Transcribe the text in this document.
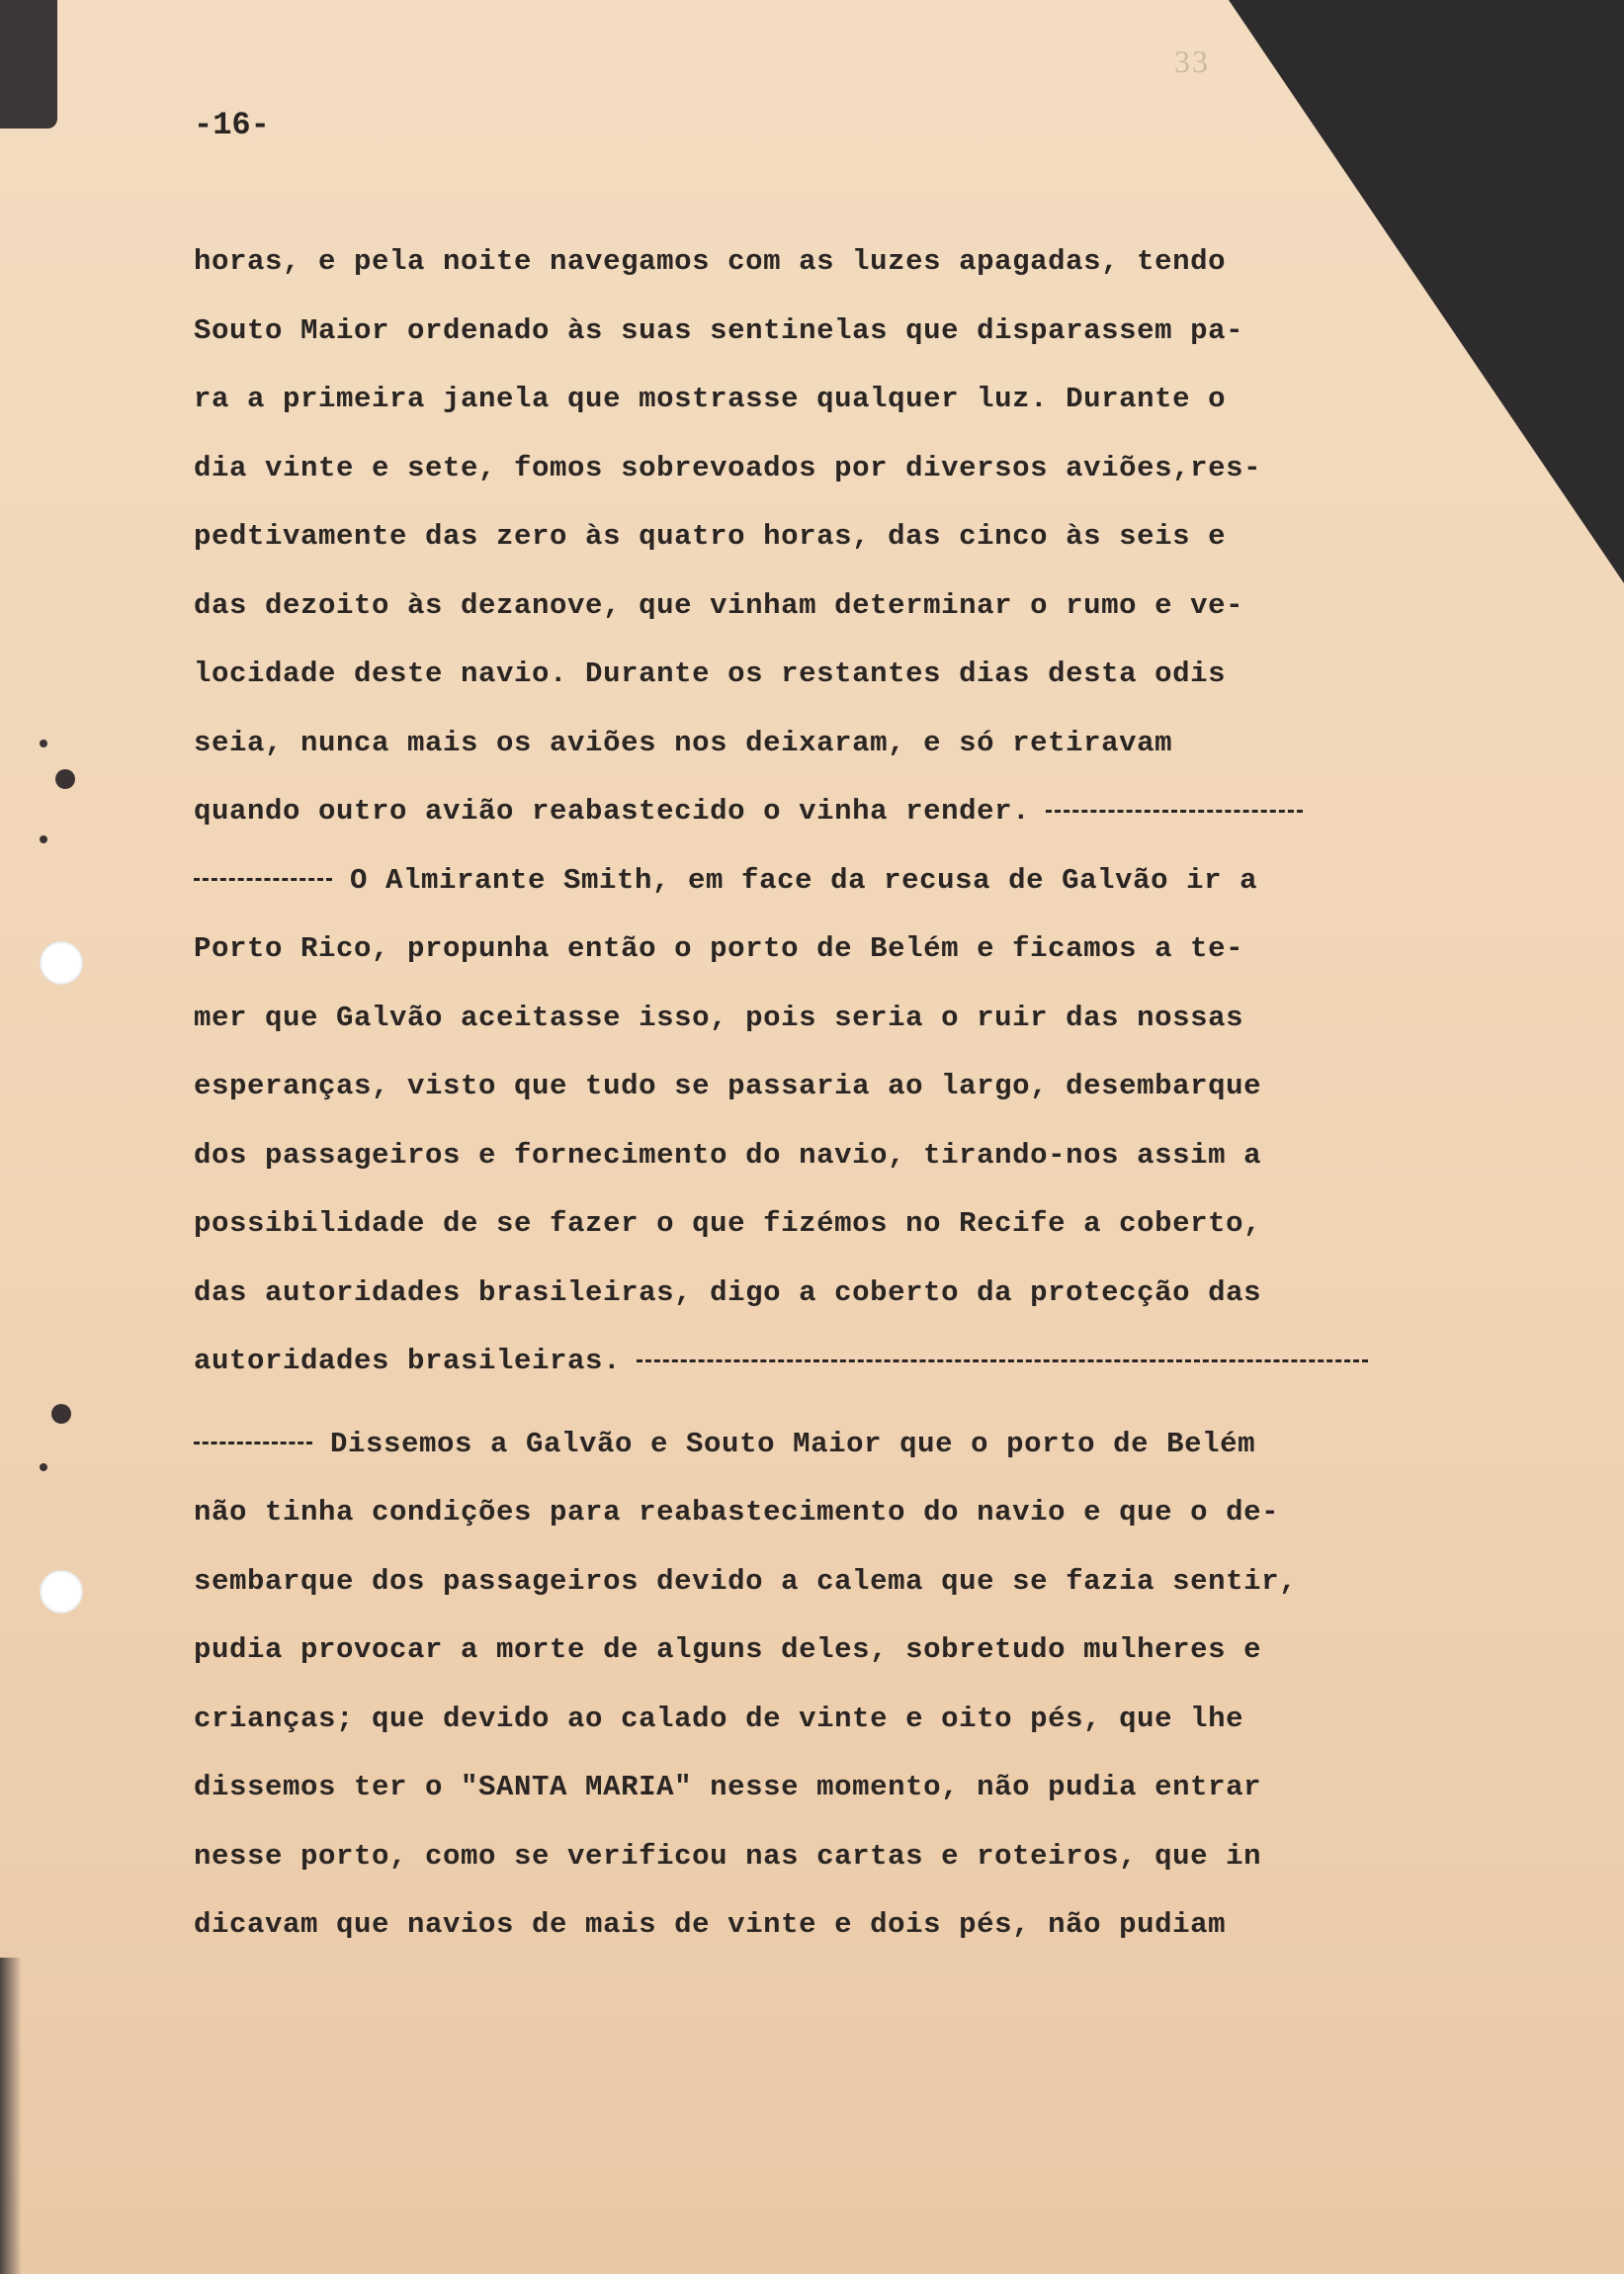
33
-16-
horas, e pela noite navegamos com as luzes apagadas, tendo
Souto Maior ordenado às suas sentinelas que disparassem pa-
ra a primeira janela que mostrasse qualquer luz. Durante o
dia vinte e sete, fomos sobrevoados por diversos aviões,res-
pedtivamente das zero às quatro horas, das cinco às seis e
das dezoito às dezanove, que vinham determinar o rumo e ve-
locidade deste navio. Durante os restantes dias desta odis
seia, nunca mais os aviões nos deixaram, e só retiravam
quando outro avião reabastecido o vinha render.
O Almirante Smith, em face da recusa de Galvão ir a
Porto Rico, propunha então o porto de Belém e ficamos a te-
mer que Galvão aceitasse isso, pois seria o ruir das nossas
esperanças, visto que tudo se passaria ao largo, desembarque
dos passageiros e fornecimento do navio, tirando-nos assim a
possibilidade de se fazer o que fizémos no Recife a coberto,
das autoridades brasileiras, digo a coberto da protecção das
autoridades brasileiras.
Dissemos a Galvão e Souto Maior que o porto de Belém
não tinha condições para reabastecimento do navio e que o de-
sembarque dos passageiros devido a calema que se fazia sentir,
pudia provocar a morte de alguns deles, sobretudo mulheres e
crianças; que devido ao calado de vinte e oito pés, que lhe
dissemos ter o "SANTA MARIA" nesse momento, não pudia entrar
nesse porto, como se verificou nas cartas e roteiros, que in
dicavam que navios de mais de vinte e dois pés, não pudiam
